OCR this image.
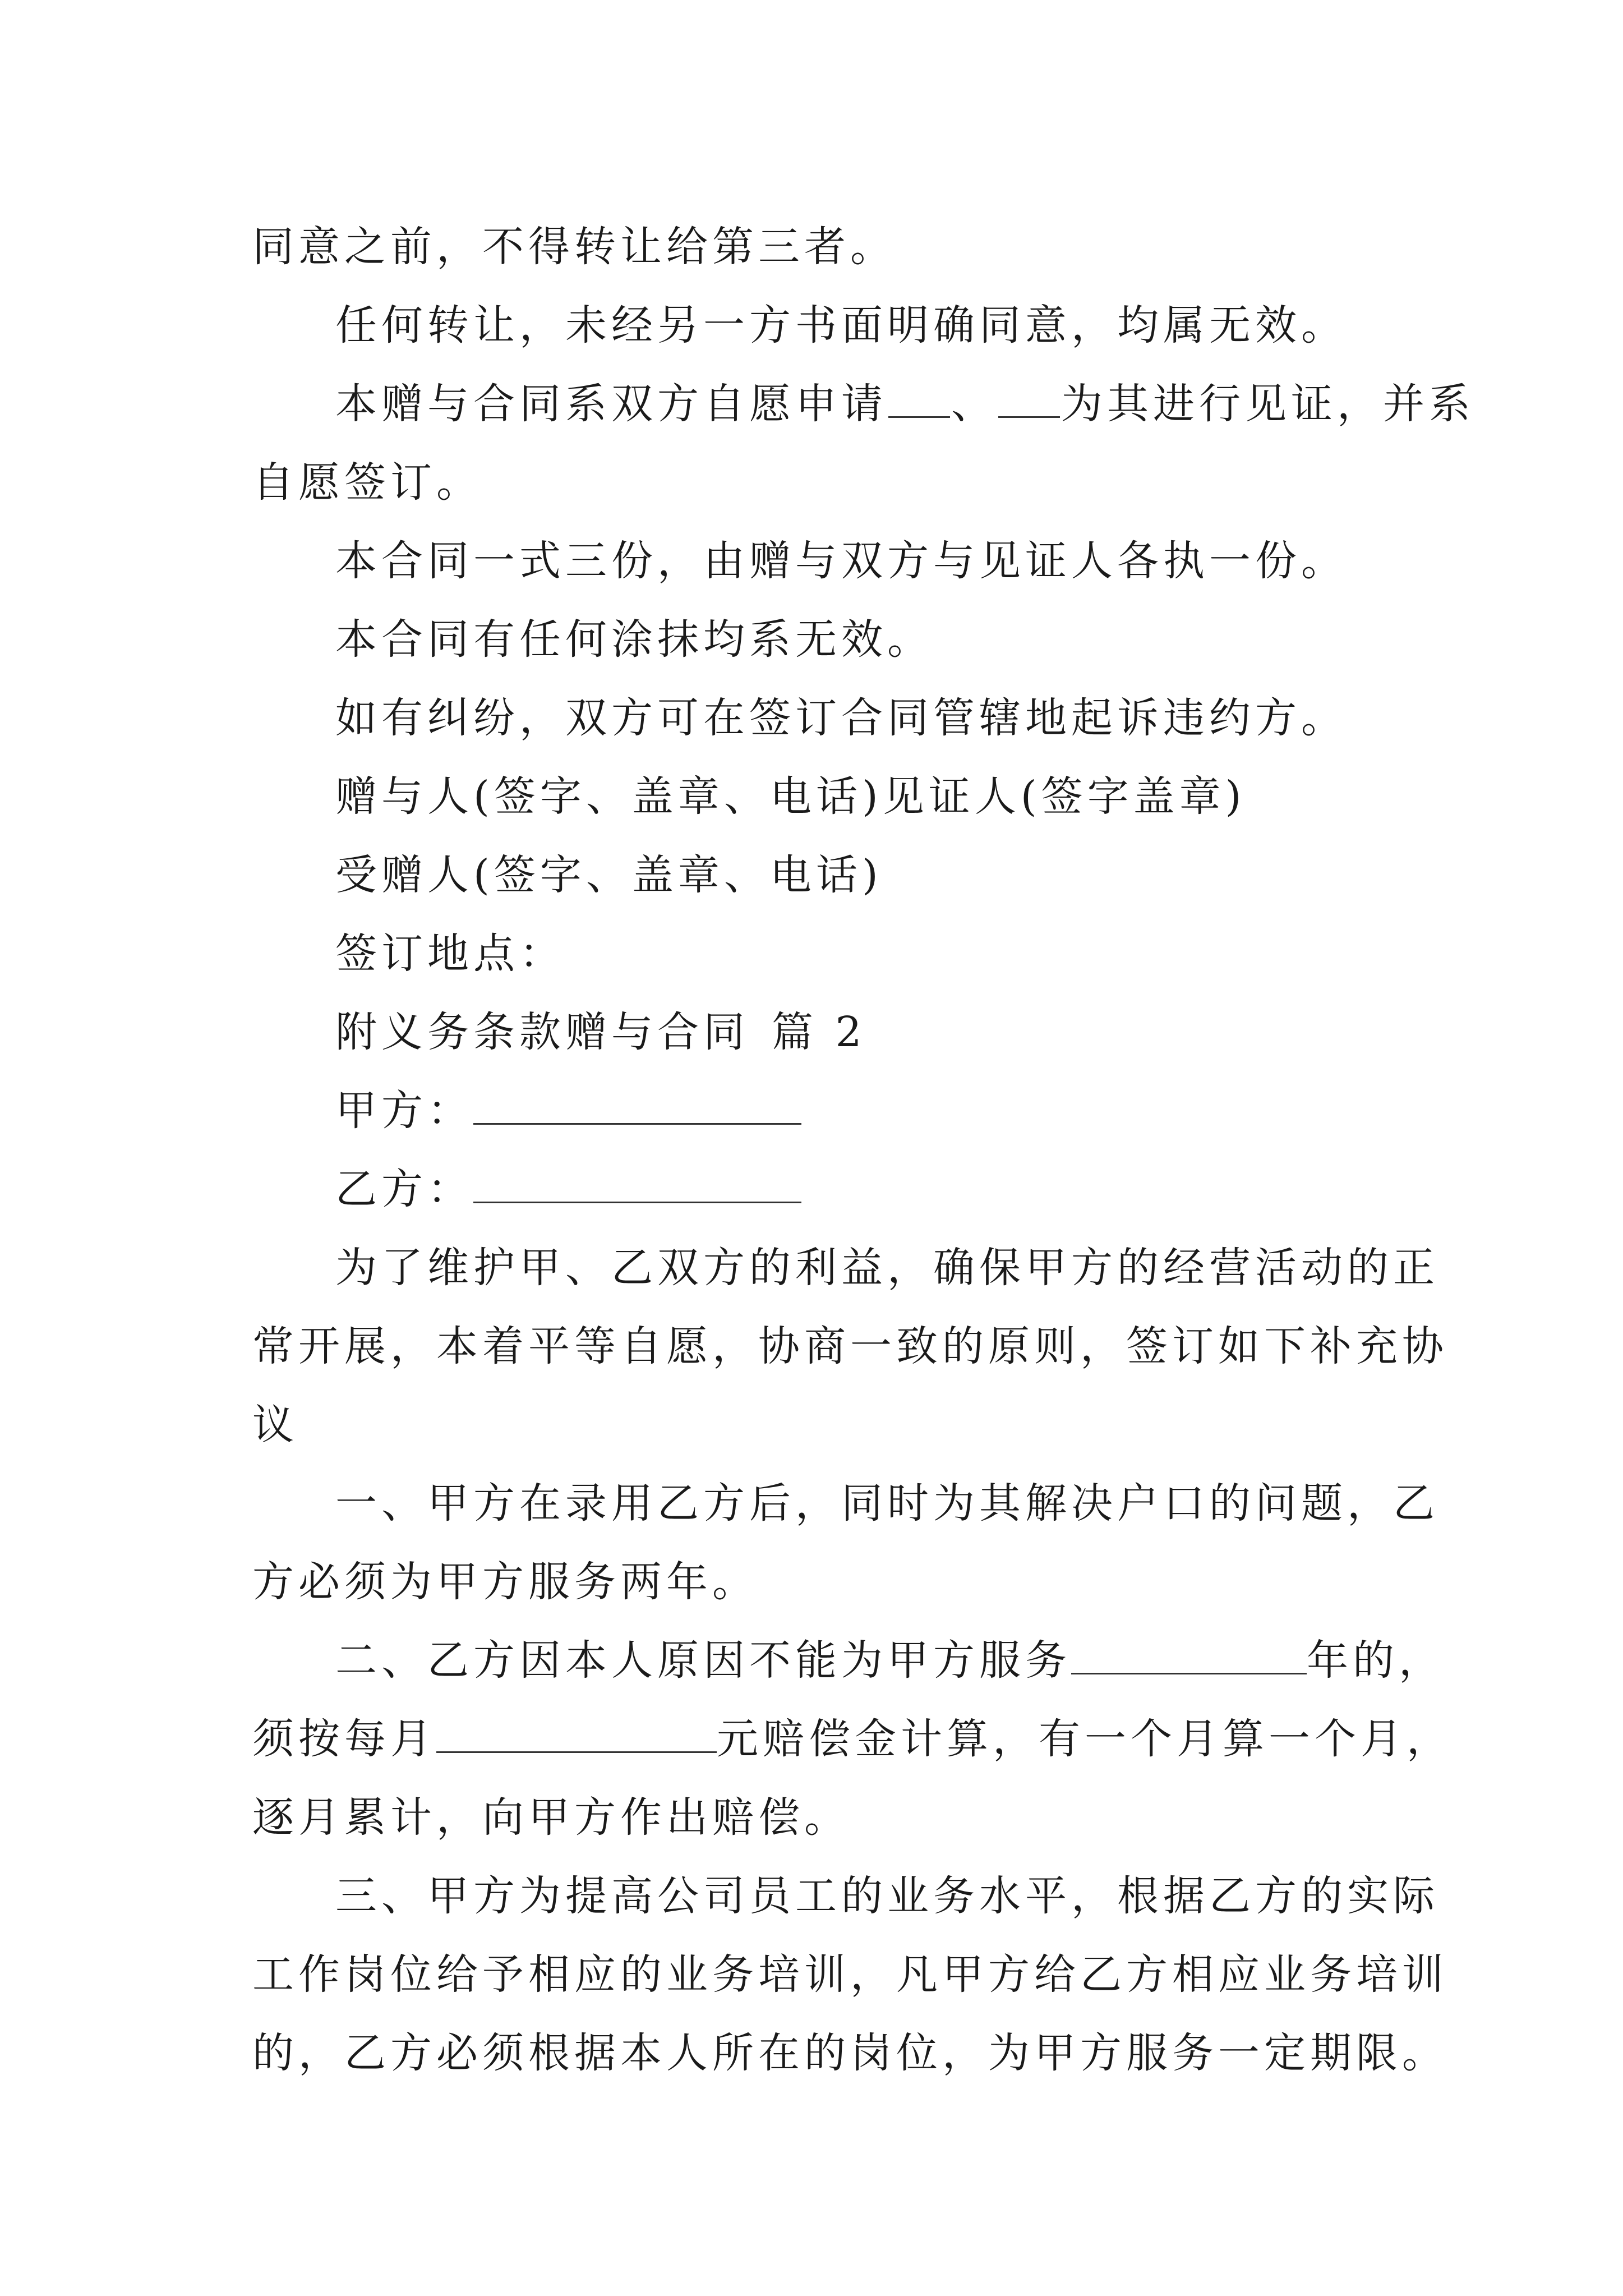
同意之前，不得转让给第三者。
任何转让，未经另一方书面明确同意，均属无效。
本赠与合同系双方自愿申请 、 为其进行见证，并系
自愿签订。
本合同一式三份，由赠与双方与见证人各执一份。
本合同有任何涂抹均系无效。
如有纠纷，双方可在签订合同管辖地起诉违约方。
赠与人(签字、盖章、电话)见证人(签字盖章)
受赠人(签字、盖章、电话)
签订地点：
附义务条款赠与合同 篇 2
甲方：
乙方：
为了维护甲、乙双方的利益，确保甲方的经营活动的正
常开展，本着平等自愿，协商一致的原则，签订如下补充协
议
一、甲方在录用乙方后，同时为其解决户口的问题，乙
方必须为甲方服务两年。
二、乙方因本人原因不能为甲方服务	年的，
须按每月	元赔偿金计算，有一个月算一个月，
逐月累计，向甲方作出赔偿。
三、甲方为提高公司员工的业务水平，根据乙方的实际
工作岗位给予相应的业务培训，凡甲方给乙方相应业务培训
的，乙方必须根据本人所在的岗位，为甲方服务一定期限。
